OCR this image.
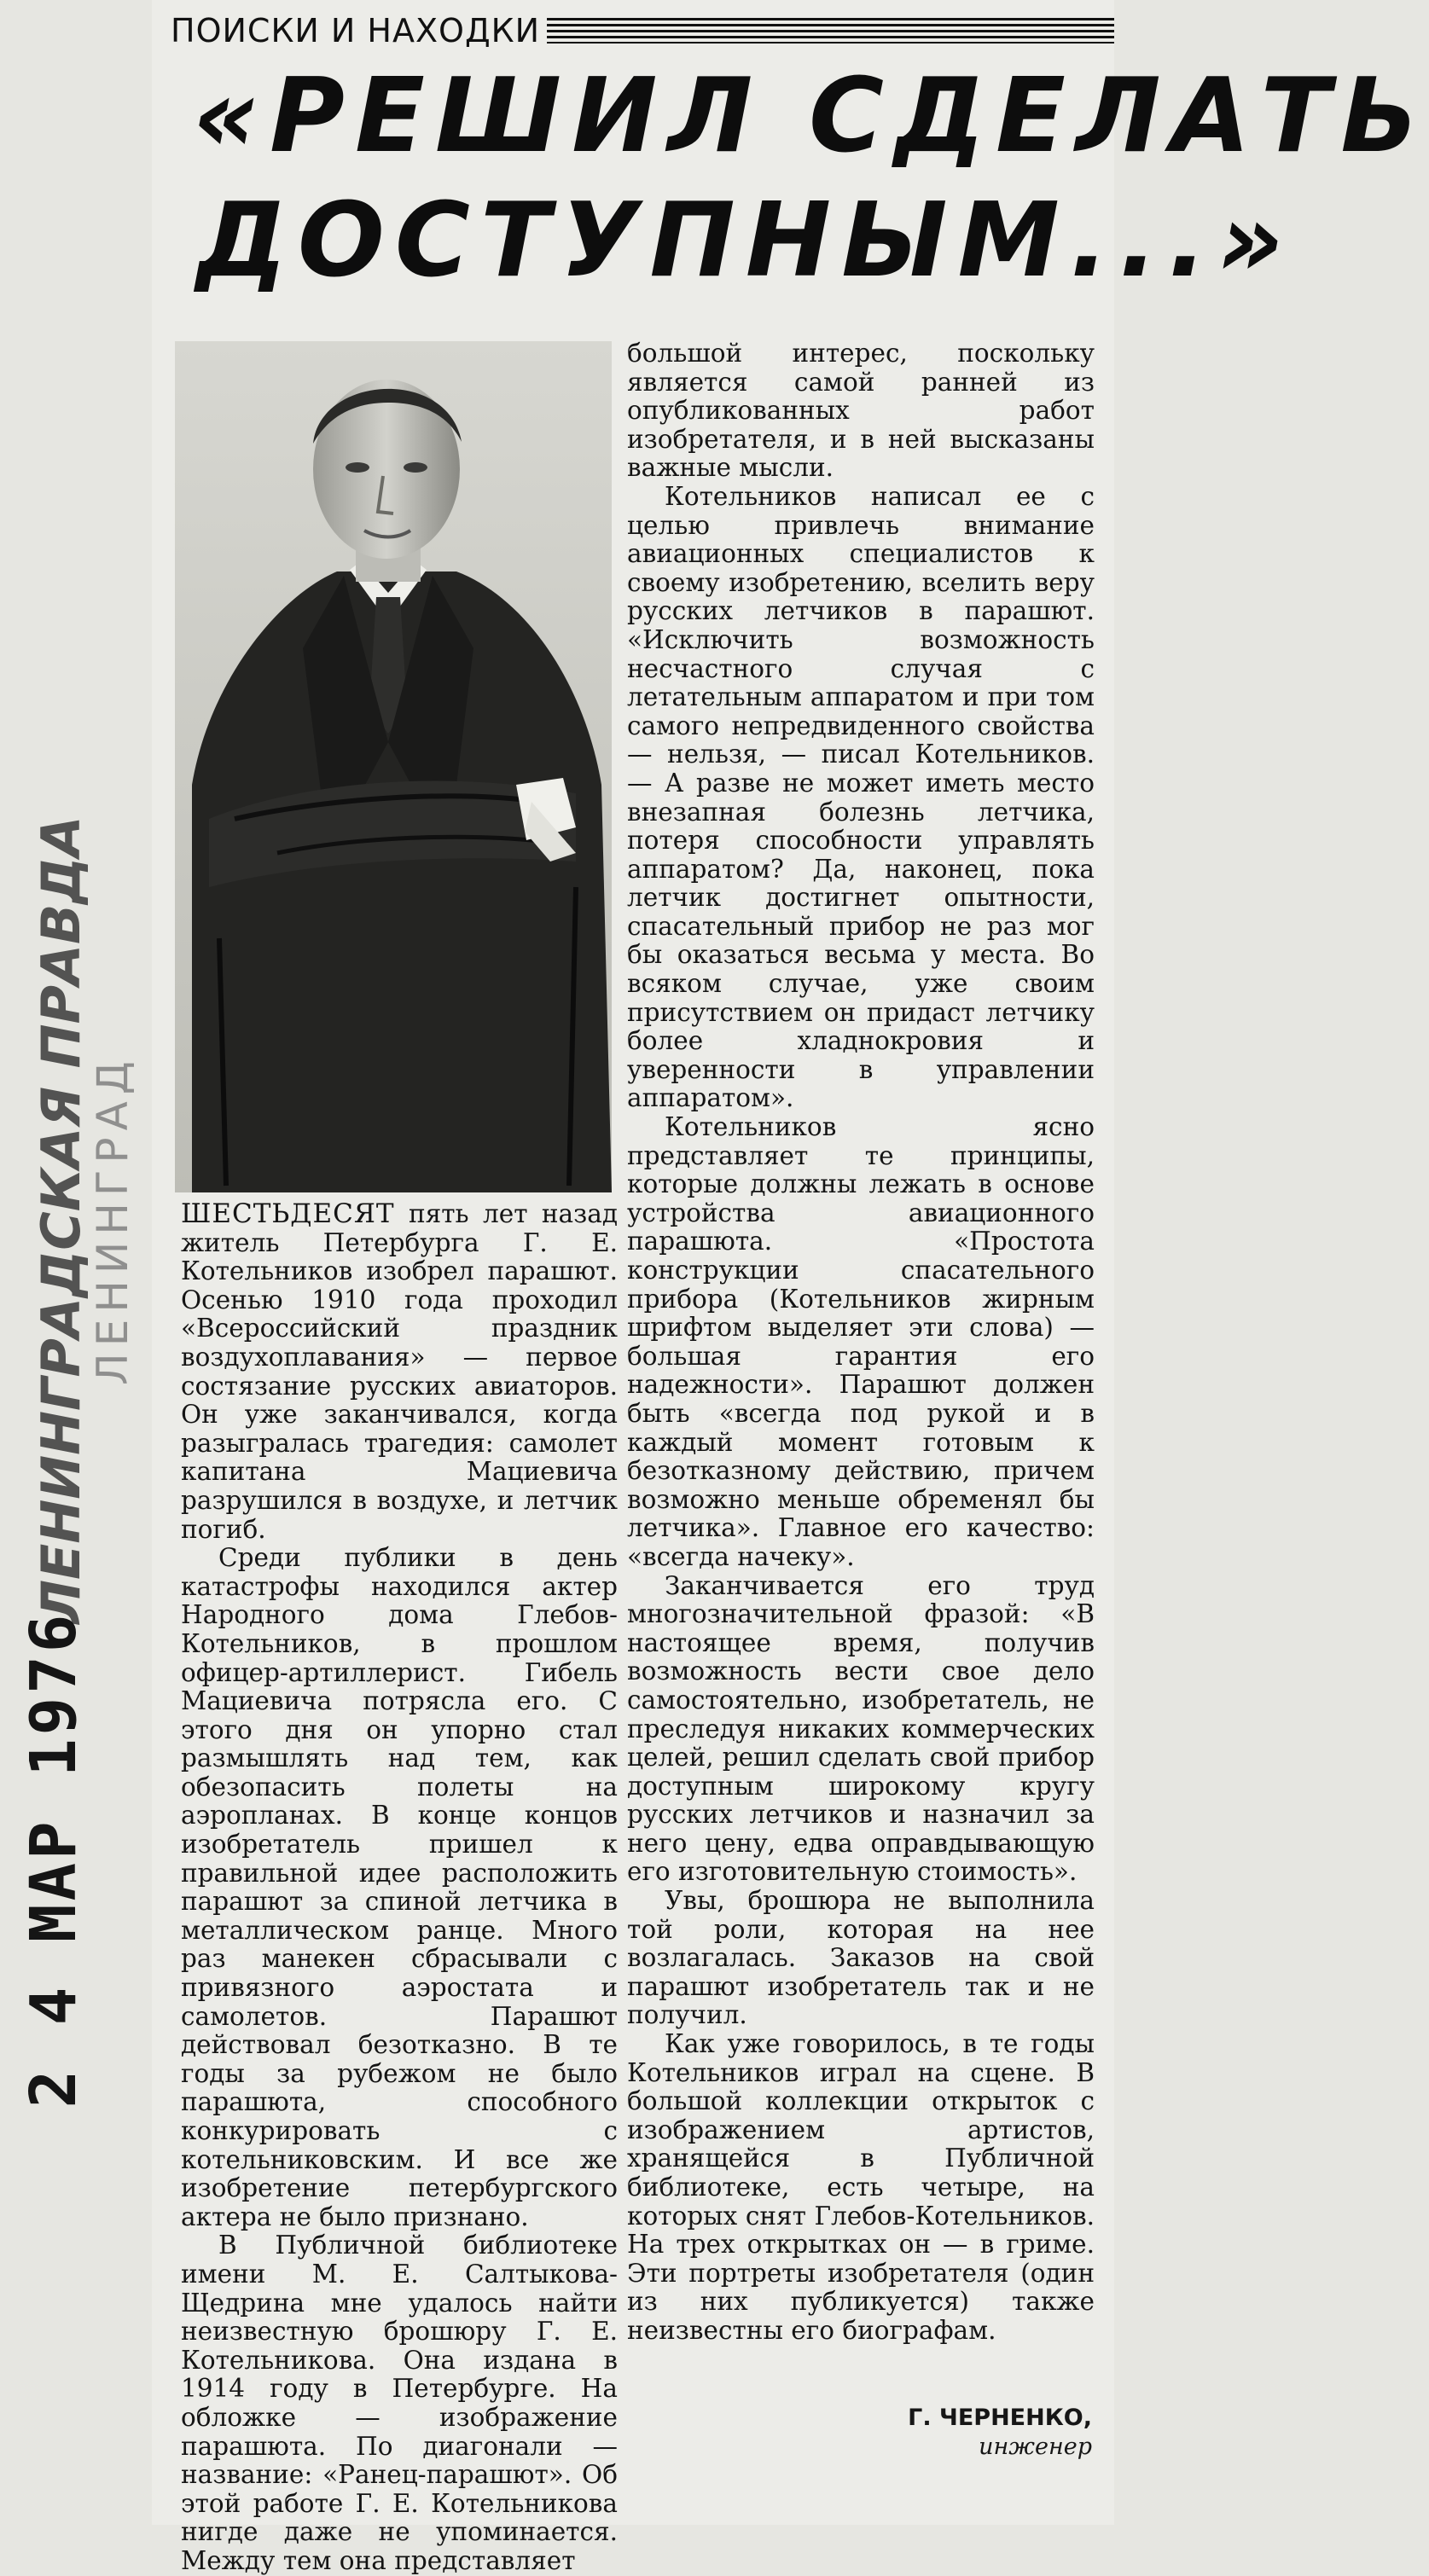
ЛЕНИНГРАДСКАЯ ПРАВДА
ЛЕНИНГРАД
2 4 МАР 1976
ПОИСКИ И НАХОДКИ
«РЕШИЛ СДЕЛАТЬ
ДОСТУПНЫМ...»

ШЕСТЬДЕСЯТ пять лет назад житель Петербурга Г. Е. Котельников изобрел парашют. Осенью 1910 года проходил «Всероссийский праздник воздухоплавания» — первое состязание русских авиаторов. Он уже заканчивался, когда разыгралась трагедия: самолет капитана Мациевича разрушился в воздухе, и летчик погиб.

Среди публики в день катастрофы находился актер Народного дома Глебов-Котельников, в прошлом офицер-артиллерист. Гибель Мациевича потрясла его. С этого дня он упорно стал размышлять над тем, как обезопасить полеты на аэропланах. В конце концов изобретатель пришел к правильной идее расположить парашют за спиной летчика в металлическом ранце. Много раз манекен сбрасывали с привязного аэростата и самолетов. Парашют действовал безотказно. В те годы за рубежом не было парашюта, способного конкурировать с котельниковским. И все же изобретение петербургского актера не было признано.

В Публичной библиотеке имени М. Е. Салтыкова-Щедрина мне удалось найти неизвестную брошюру Г. Е. Котельникова. Она издана в 1914 году в Петербурге. На обложке — изображение парашюта. По диагонали — название: «Ранец-парашют». Об этой работе Г. Е. Котельникова нигде даже не упоминается. Между тем она представляет

большой интерес, поскольку является самой ранней из опубликованных работ изобретателя, и в ней высказаны важные мысли.

Котельников написал ее с целью привлечь внимание авиационных специалистов к своему изобретению, вселить веру русских летчиков в парашют. «Исключить возможность несчастного случая с летательным аппаратом и при том самого непредвиденного свойства — нельзя, — писал Котельников. — А разве не может иметь место внезапная болезнь летчика, потеря способности управлять аппаратом? Да, наконец, пока летчик достигнет опытности, спасательный прибор не раз мог бы оказаться весьма у места. Во всяком случае, уже своим присутствием он придаст летчику более хладнокровия и уверенности в управлении аппаратом».

Котельников ясно представляет те принципы, которые должны лежать в основе устройства авиационного парашюта. «Простота конструкции спасательного прибора (Котельников жирным шрифтом выделяет эти слова) — большая гарантия его надежности». Парашют должен быть «всегда под рукой и в каждый момент готовым к безотказному действию, причем возможно меньше обременял бы летчика». Главное его качество: «всегда начеку».

Заканчивается его труд многозначительной фразой: «В настоящее время, получив возможность вести свое дело самостоятельно, изобретатель, не преследуя никаких коммерческих целей, решил сделать свой прибор доступным широкому кругу русских летчиков и назначил за него цену, едва оправдывающую его изготовительную стоимость».

Увы, брошюра не выполнила той роли, которая на нее возлагалась. Заказов на свой парашют изобретатель так и не получил.

Как уже говорилось, в те годы Котельников играл на сцене. В большой коллекции открыток с изображением артистов, хранящейся в Публичной библиотеке, есть четыре, на которых снят Глебов-Котельников. На трех открытках он — в гриме. Эти портреты изобретателя (один из них публикуется) также неизвестны его биографам.

Г. ЧЕРНЕНКО,
инженер
